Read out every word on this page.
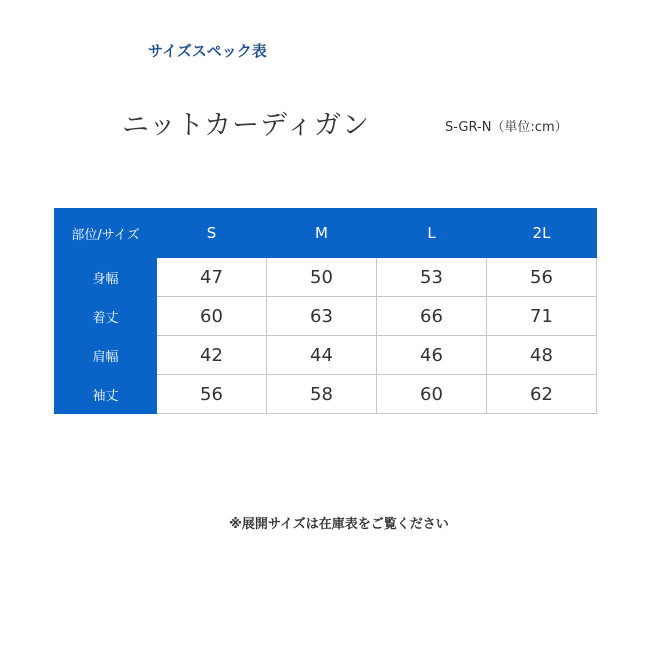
サイズスペック表
ニットカーディガン	S-GR-N（単位:cm）
部位/サイズ	S	M	L	2L
身幅	47	50	53	56
着丈	60	63	66	71
肩幅	42	44	46	48
袖丈	56	58	60	62
※展開サイズは在庫表をご覧ください
